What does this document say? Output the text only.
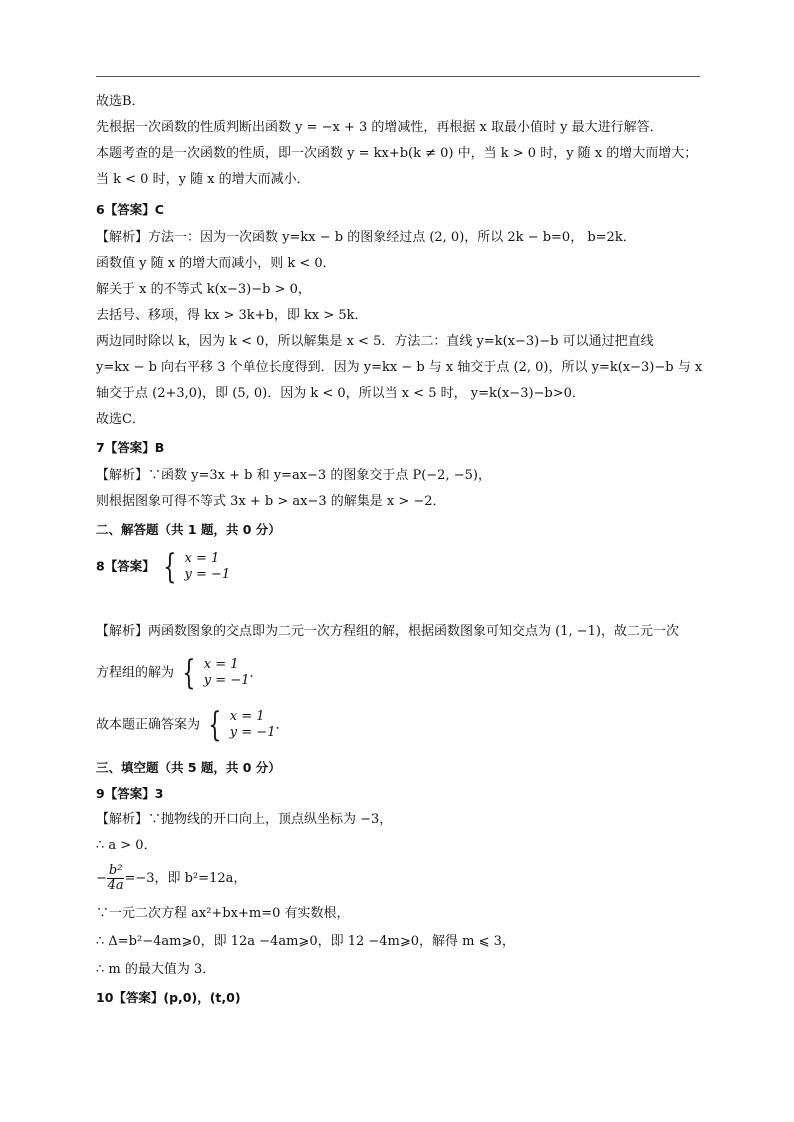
故选B．
先根据一次函数的性质判断出函数 y = −x + 3 的增减性，再根据 x 取最小值时 y 最大进行解答．
本题考查的是一次函数的性质，即一次函数 y = kx+b(k ≠ 0) 中，当 k > 0 时，y 随 x 的增大而增大；
当 k < 0 时，y 随 x 的增大而减小．
6【答案】C
【解析】方法一：因为一次函数 y=kx − b 的图象经过点 (2, 0)，所以 2k − b=0， b=2k．
函数值 y 随 x 的增大而减小，则 k < 0．
解关于 x 的不等式 k(x−3)−b > 0，
去括号、移项，得 kx > 3k+b，即 kx > 5k．
两边同时除以 k，因为 k < 0，所以解集是 x < 5．方法二：直线 y=k(x−3)−b 可以通过把直线
y=kx − b 向右平移 3 个单位长度得到．因为 y=kx − b 与 x 轴交于点 (2, 0)，所以 y=k(x−3)−b 与 x
轴交于点 (2+3,0)，即 (5, 0)．因为 k < 0，所以当 x < 5 时， y=k(x−3)−b>0．
故选C．
7【答案】B
【解析】∵函数 y=3x + b 和 y=ax−3 的图象交于点 P(−2, −5)，
则根据图象可得不等式 3x + b > ax−3 的解集是 x > −2．
二、解答题（共 1 题，共 0 分）
8【答案】 { x = 1
y = −1
【解析】两函数图象的交点即为二元一次方程组的解，根据函数图象可知交点为 (1, −1)，故二元一次
方程组的解为 { x = 1
y = −1 ．
故本题正确答案为 { x = 1
y = −1 ．
三、填空题（共 5 题，共 0 分）
9【答案】3
【解析】∵抛物线的开口向上，顶点纵坐标为 −3，
∴ a > 0．
− $\frac{\text{b²}}{4a} =-3$，即 b²=12a，
∵一元二次方程 ax²+bx+m=0 有实数根，
∴ Δ=b²−4am⩾0，即 12a −4am⩾0，即 12 −4m⩾0，解得 m ⩽ 3，
∴ m 的最大值为 3．
10【答案】(p,0)，(t,0)
